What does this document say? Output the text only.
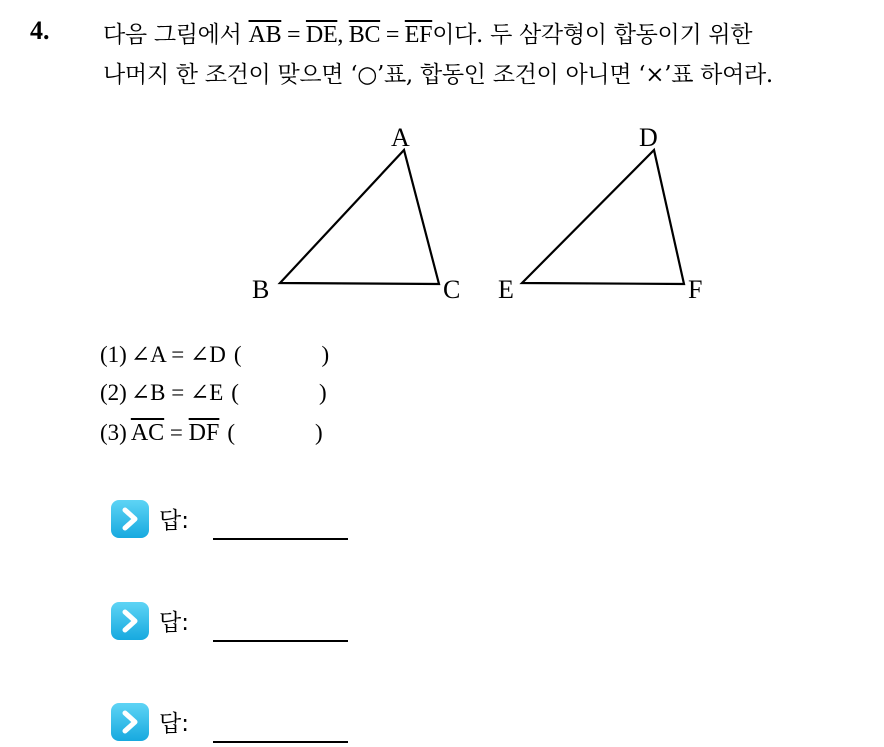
4. 다음 그림에서 $\overline{AB} = \overline{DE}$, $\overline{BC} = \overline{EF}$이다. 두 삼각형이 합동이기 위한
나머지 한 조건이 맞으면 ‘○’표, 합동인 조건이 아니면 ‘×’표 하여라.
A
B	C
D
E	F
(1) ∠A = ∠D (	)
(2) ∠B = ∠E (	)
(3) $\overline{AC} = \overline{DF}$ (	)
답:
답:
답:
